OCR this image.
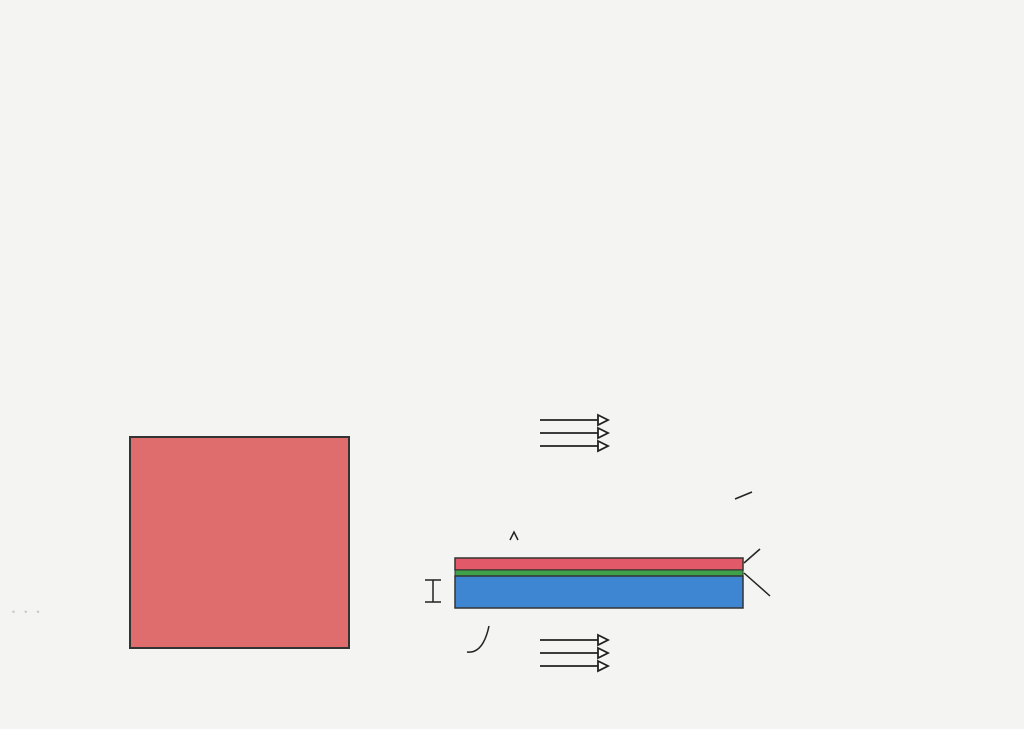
· · ·
